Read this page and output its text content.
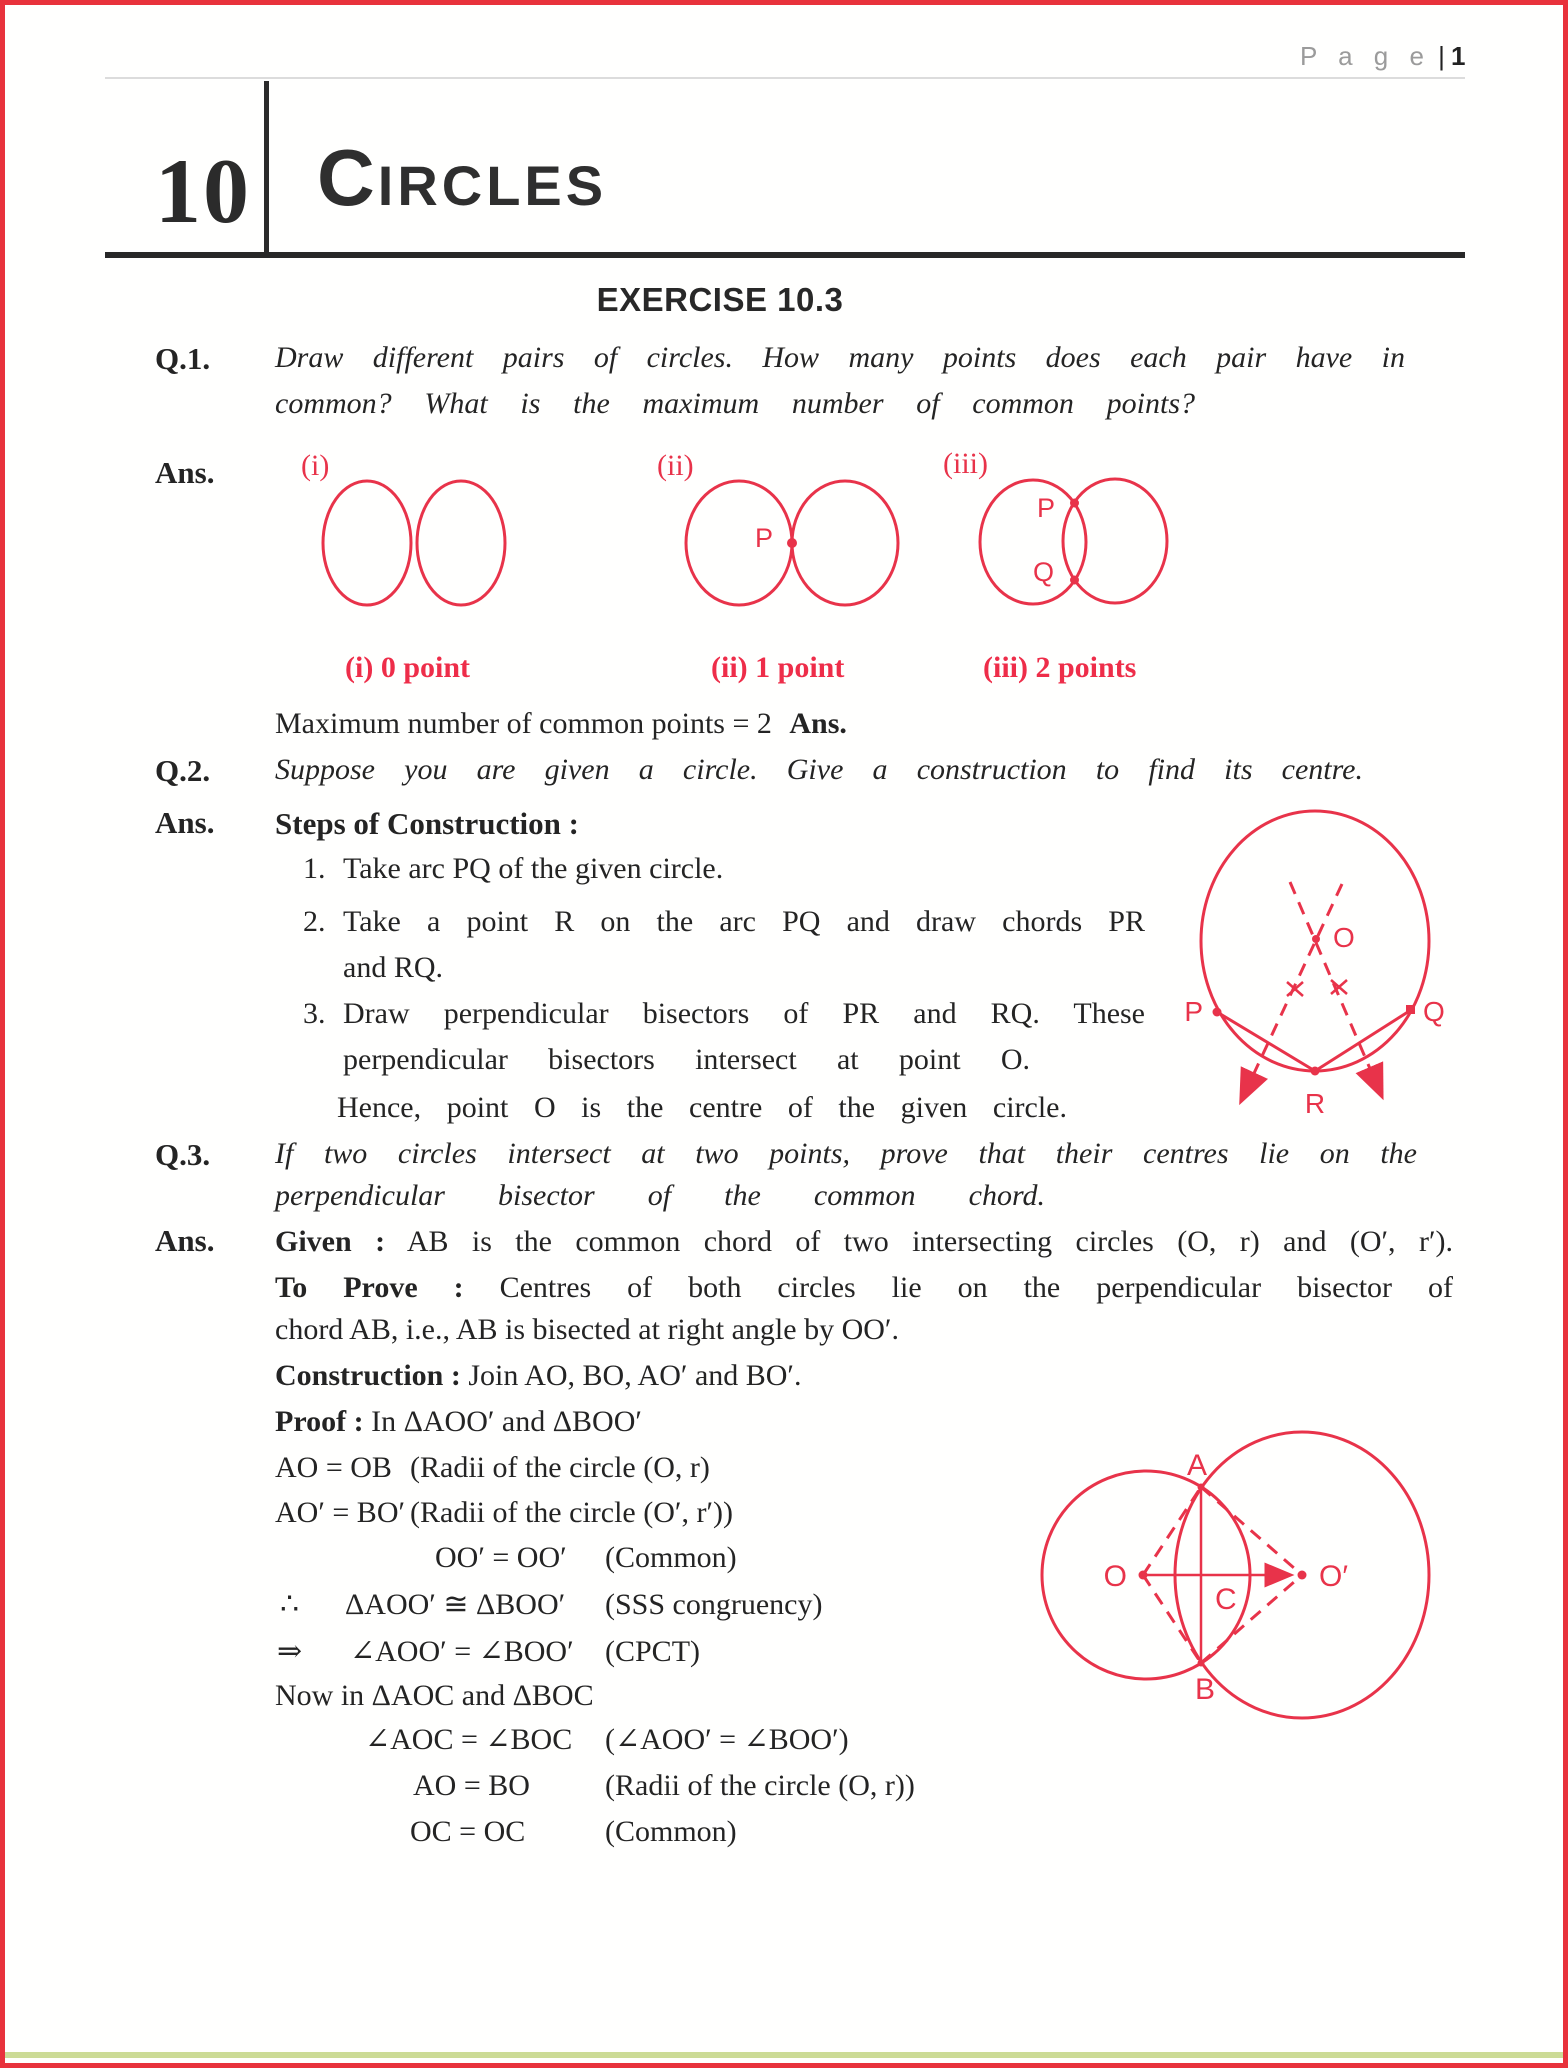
P a g e | 1
10 CIRCLES
EXERCISE 10.3
Q.1. Draw different pairs of circles. How many points does each pair have in
common? What is the maximum number of common points?
Ans.	(i)	(ii)	(iii)
P
P
Q
(i) 0 point	(ii) 1 point	(iii) 2 points
Maximum number of common points = 2 Ans.
Q.2. Suppose you are given a circle. Give a construction to find its centre.
Ans. Steps of Construction :
1. Take arc PQ of the given circle.
2. Take a point R on the arc PQ and draw chords PR
and RQ.
3. Draw perpendicular bisectors of PR and RQ. These
perpendicular bisectors intersect at point O.
Hence, point O is the centre of the given circle.
P	Q
R
O
Q.3. If two circles intersect at two points, prove that their centres lie on the
perpendicular bisector of the common chord.
Ans. Given : AB is the common chord of two intersecting circles (O, r) and (O′, r′).
To Prove : Centres of both circles lie on the perpendicular bisector of
chord AB, i.e., AB is bisected at right angle by OO′.
Construction : Join AO, BO, AO′ and BO′.
Proof : In ΔAOO′ and ΔBOO′
AO = OB (Radii of the circle (O, r)
AO′ = BO′ (Radii of the circle (O′, r′))
OO′ = OO′ (Common)
∴ ΔAOO′ ≅ ΔBOO′ (SSS congruency)
⇒ ∠AOO′ = ∠BOO′ (CPCT)
Now in ΔAOC and ΔBOC
∠AOC = ∠BOC (∠AOO′ = ∠BOO′)
AO = BO	(Radii of the circle (O, r))
OC = OC	(Common)
A
B
O	O′
C
